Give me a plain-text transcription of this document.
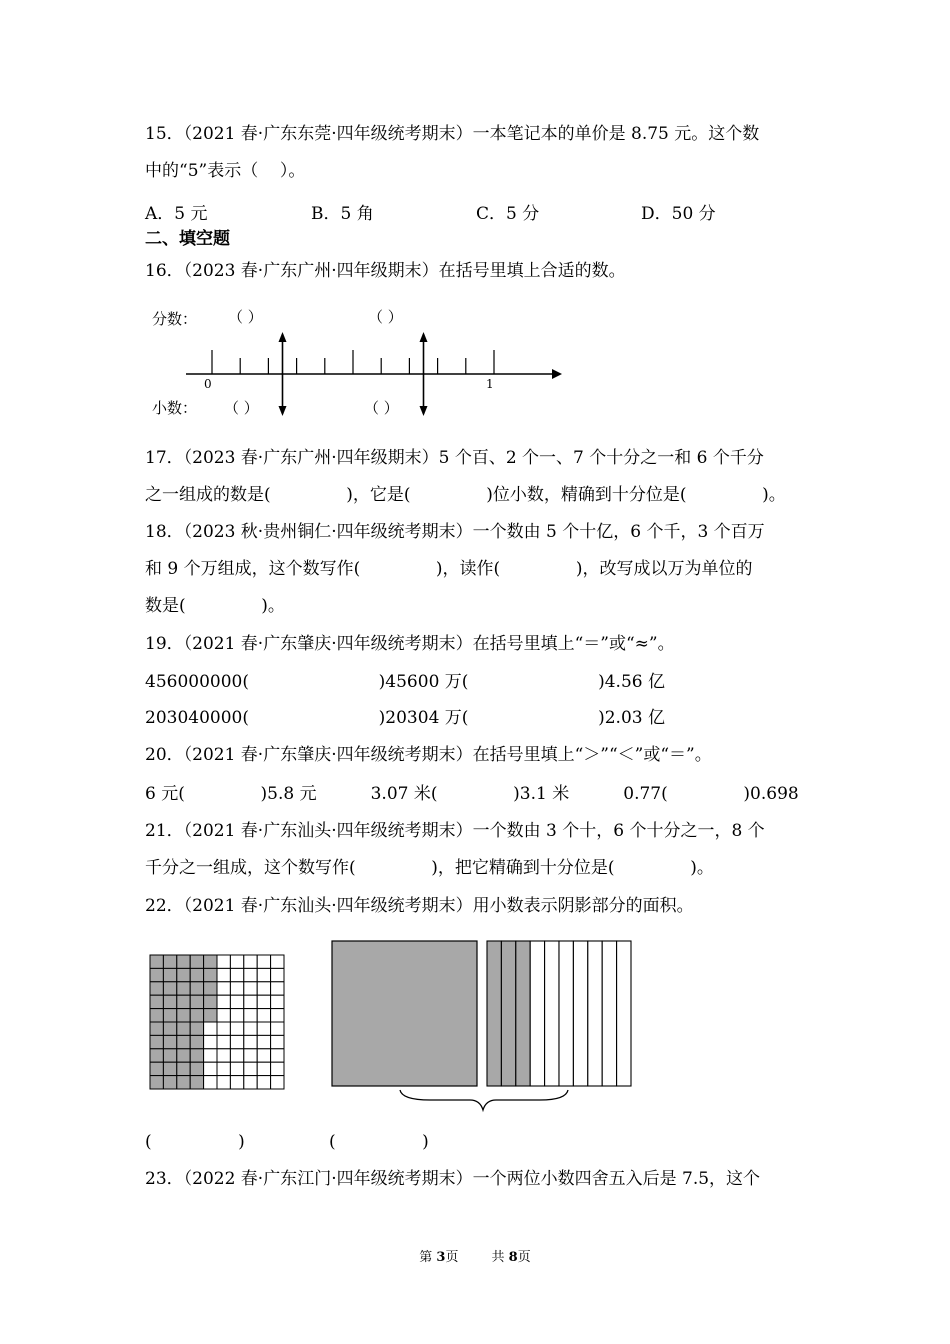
15．（2021 春·广东东莞·四年级统考期末）一本笔记本的单价是 8.75 元。这个数
中的“5”表示（    ）。
A．5 元	B．5 角	C．5 分	D．50 分
二、填空题
16．（2023 春·广东广州·四年级期末）在括号里填上合适的数。
分数： （ ）	（ ）
0	1
小数： （ ）	（ ）
17．（2023 春·广东广州·四年级期末）5 个百、2 个一、7 个十分之一和 6 个千分
之一组成的数是(              )，它是(              )位小数，精确到十分位是(              )。
18．（2023 秋·贵州铜仁·四年级统考期末）一个数由 5 个十亿，6 个千，3 个百万
和 9 个万组成，这个数写作(              )，读作(              )，改写成以万为单位的
数是(              )。
19．（2021 春·广东肇庆·四年级统考期末）在括号里填上“＝”或“≈”。
456000000(                        )45600 万(                        )4.56 亿
203040000(                        )20304 万(                        )2.03 亿
20．（2021 春·广东肇庆·四年级统考期末）在括号里填上“＞”“＜”或“＝”。
6 元(              )5.8 元          3.07 米(              )3.1 米          0.77(              )0.698
21．（2021 春·广东汕头·四年级统考期末）一个数由 3 个十，6 个十分之一，8 个
千分之一组成，这个数写作(              )，把它精确到十分位是(              )。
22．（2021 春·广东汕头·四年级统考期末）用小数表示阴影部分的面积。
(                )	(                )
23．（2022 春·广东江门·四年级统考期末）一个两位小数四舍五入后是 7.5，这个
第 3页        共 8页
